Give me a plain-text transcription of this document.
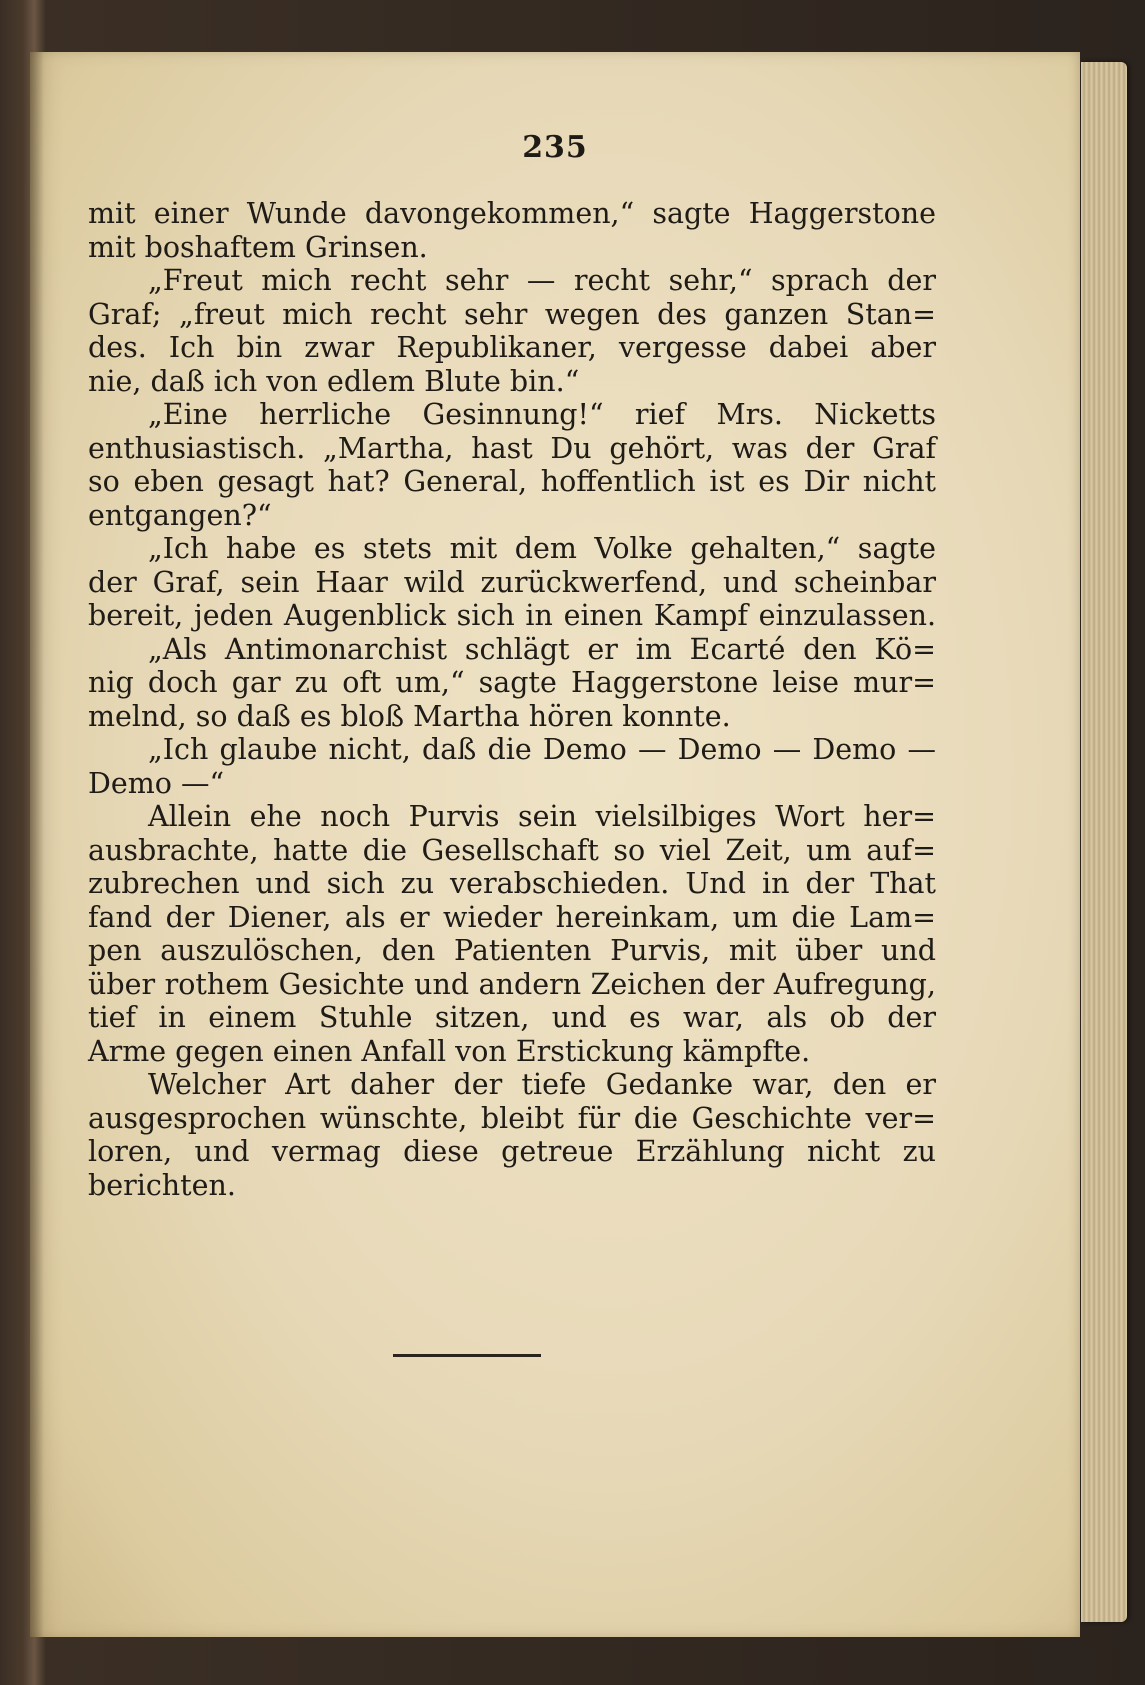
235
mit einer Wunde davongekommen,“ sagte Haggerstone
mit boshaftem Grinsen.
„Freut mich recht sehr — recht sehr,“ sprach der
Graf; „freut mich recht sehr wegen des ganzen Stan=
des. Ich bin zwar Republikaner, vergesse dabei aber
nie, daß ich von edlem Blute bin.“
„Eine herrliche Gesinnung!“ rief Mrs. Nicketts
enthusiastisch. „Martha, hast Du gehört, was der Graf
so eben gesagt hat? General, hoffentlich ist es Dir nicht
entgangen?“
„Ich habe es stets mit dem Volke gehalten,“ sagte
der Graf, sein Haar wild zurückwerfend, und scheinbar
bereit, jeden Augenblick sich in einen Kampf einzulassen.
„Als Antimonarchist schlägt er im Ecarté den Kö=
nig doch gar zu oft um,“ sagte Haggerstone leise mur=
melnd, so daß es bloß Martha hören konnte.
„Ich glaube nicht, daß die Demo — Demo — Demo —
Demo —“
Allein ehe noch Purvis sein vielsilbiges Wort her=
ausbrachte, hatte die Gesellschaft so viel Zeit, um auf=
zubrechen und sich zu verabschieden. Und in der That
fand der Diener, als er wieder hereinkam, um die Lam=
pen auszulöschen, den Patienten Purvis, mit über und
über rothem Gesichte und andern Zeichen der Aufregung,
tief in einem Stuhle sitzen, und es war, als ob der
Arme gegen einen Anfall von Erstickung kämpfte.
Welcher Art daher der tiefe Gedanke war, den er
ausgesprochen wünschte, bleibt für die Geschichte ver=
loren, und vermag diese getreue Erzählung nicht zu
berichten.
